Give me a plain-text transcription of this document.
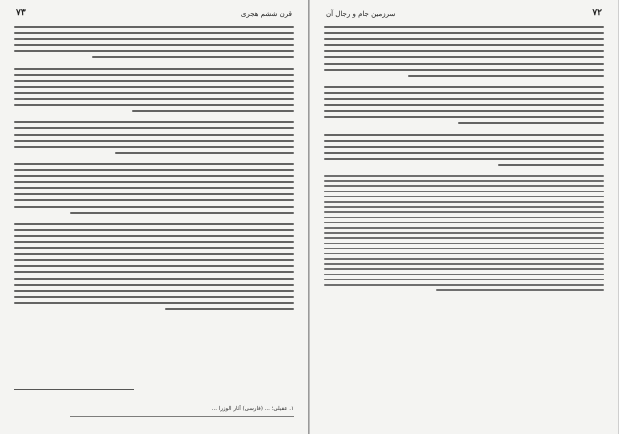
۷۳	قرن ششم هجری
۱. عقیلی؛ ... (فارسی) آثار الوزرا ...
۷۲
سرزمین جام و رجال آن
